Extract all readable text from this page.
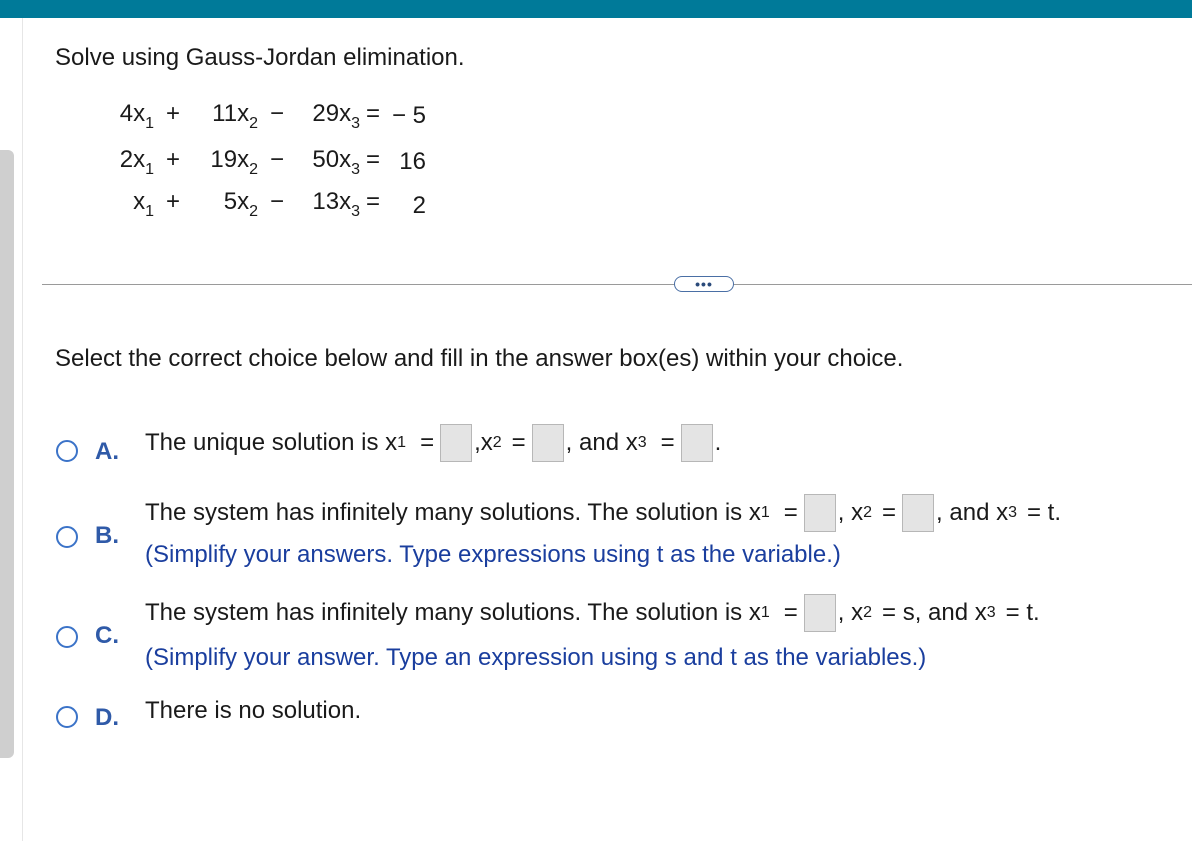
Solve using Gauss-Jordan elimination.
$4x_1$ +	$11x_2$ −	$29x_3$ = − 5
$2x_1$ +	$19x_2$ −	$50x_3 = 16$
$x_1$ +	$5x_2$ −	$13x_3$ =	2
•••
Select the correct choice below and fill in the answer box(es) within your choice.
A. The unique solution is x 1 = ,x 2 = , and x 3 = .
B.
The system has infinitely many solutions. The solution is x 1 = , x 2 = , and x 3 = t.
(Simplify your answers. Type expressions using t as the variable.)
C.
The system has infinitely many solutions. The solution is x 1 = , x 2 = s, and x 3 = t.
(Simplify your answer. Type an expression using s and t as the variables.)
D. There is no solution.
